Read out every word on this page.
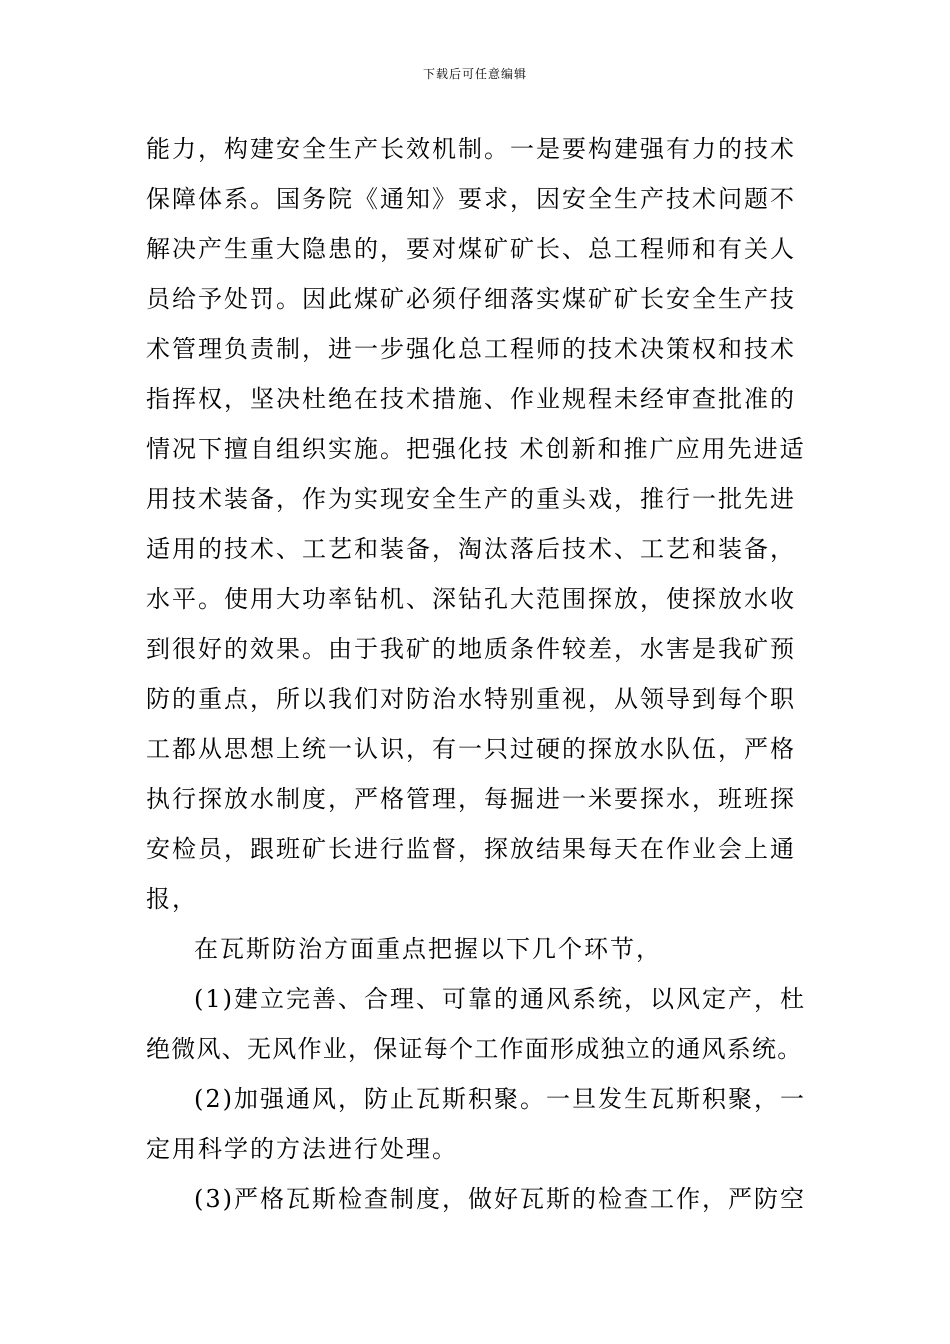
下载后可任意编辑

能力，构建安全生产长效机制。一是要构建强有力的技术

保障体系。国务院《通知》要求，因安全生产技术问题不

解决产生重大隐患的，要对煤矿矿长、总工程师和有关人

员给予处罚。因此煤矿必须仔细落实煤矿矿长安全生产技

术管理负责制，进一步强化总工程师的技术决策权和技术

指挥权，坚决杜绝在技术措施、作业规程未经审查批准的

情况下擅自组织实施。把强化技 术创新和推广应用先进适

用技术装备，作为实现安全生产的重头戏，推行一批先进

适用的技术、工艺和装备，淘汰落后技术、工艺和装备，

水平。使用大功率钻机、深钻孔大范围探放，使探放水收

到很好的效果。由于我矿的地质条件较差，水害是我矿预

防的重点，所以我们对防治水特别重视，从领导到每个职

工都从思想上统一认识，有一只过硬的探放水队伍，严格

执行探放水制度，严格管理，每掘进一米要探水，班班探

安检员，跟班矿长进行监督，探放结果每天在作业会上通

报，

在瓦斯防治方面重点把握以下几个环节，

(1)建立完善、合理、可靠的通风系统，以风定产，杜

绝微风、无风作业，保证每个工作面形成独立的通风系统。

(2)加强通风，防止瓦斯积聚。一旦发生瓦斯积聚，一

定用科学的方法进行处理。

(3)严格瓦斯检查制度，做好瓦斯的检查工作，严防空
